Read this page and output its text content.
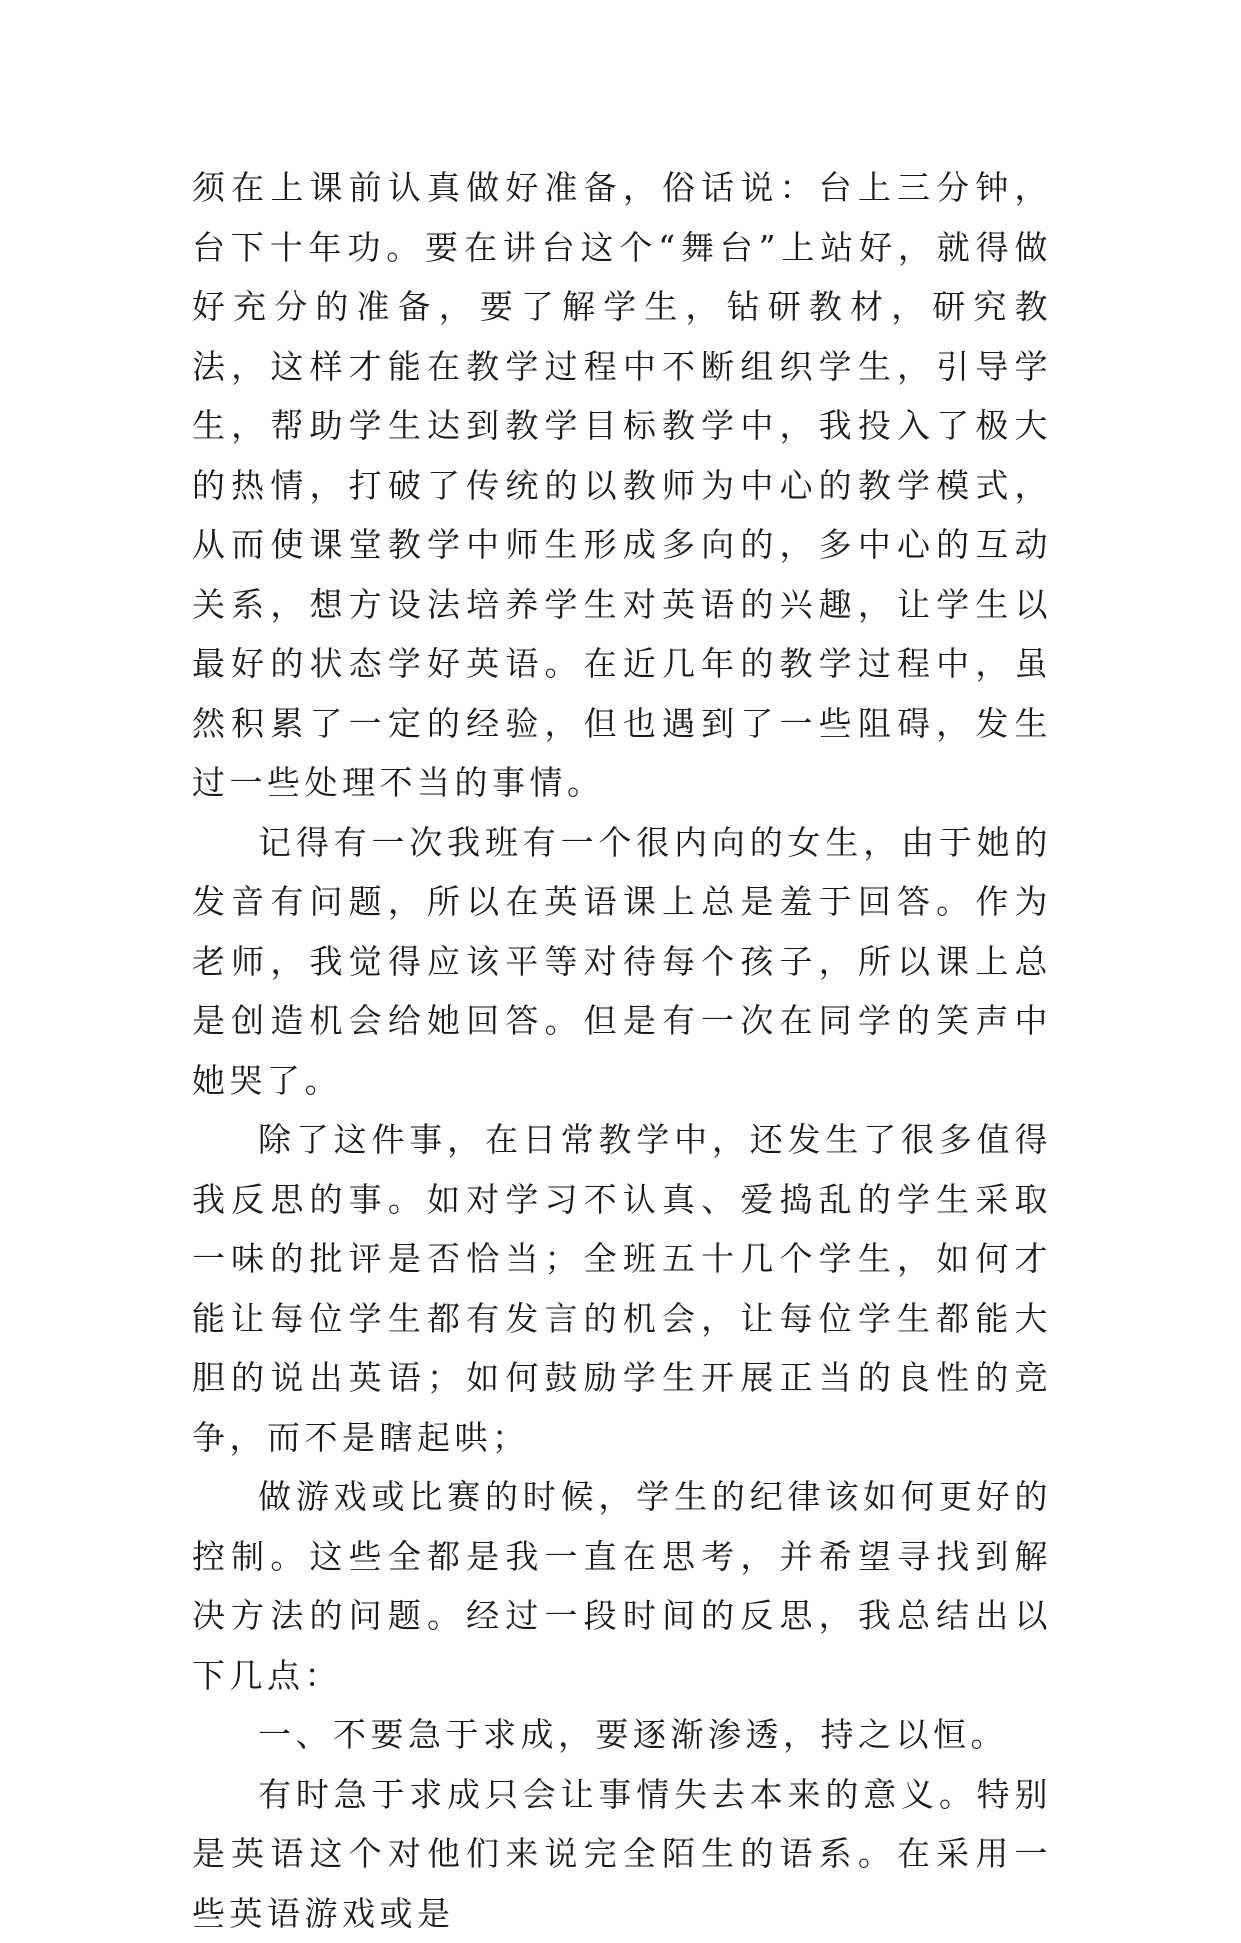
须在上课前认真做好准备，俗话说：台上三分钟，台下十年功。要在讲台这个“舞台”上站好，就得做好充分的准备，要了解学生，钻研教材，研究教法，这样才能在教学过程中不断组织学生，引导学生，帮助学生达到教学目标教学中，我投入了极大的热情，打破了传统的以教师为中心的教学模式，从而使课堂教学中师生形成多向的，多中心的互动关系，想方设法培养学生对英语的兴趣，让学生以最好的状态学好英语。在近几年的教学过程中，虽然积累了一定的经验，但也遇到了一些阻碍，发生过一些处理不当的事情。

记得有一次我班有一个很内向的女生，由于她的发音有问题，所以在英语课上总是羞于回答。作为老师，我觉得应该平等对待每个孩子，所以课上总是创造机会给她回答。但是有一次在同学的笑声中她哭了。

除了这件事，在日常教学中，还发生了很多值得我反思的事。如对学习不认真、爱捣乱的学生采取一味的批评是否恰当；全班五十几个学生，如何才能让每位学生都有发言的机会，让每位学生都能大胆的说出英语；如何鼓励学生开展正当的良性的竞争，而不是瞎起哄；

做游戏或比赛的时候，学生的纪律该如何更好的控制。这些全都是我一直在思考，并希望寻找到解决方法的问题。经过一段时间的反思，我总结出以下几点：

一、不要急于求成，要逐渐渗透，持之以恒。

有时急于求成只会让事情失去本来的意义。特别是英语这个对他们来说完全陌生的语系。在采用一些英语游戏或是
